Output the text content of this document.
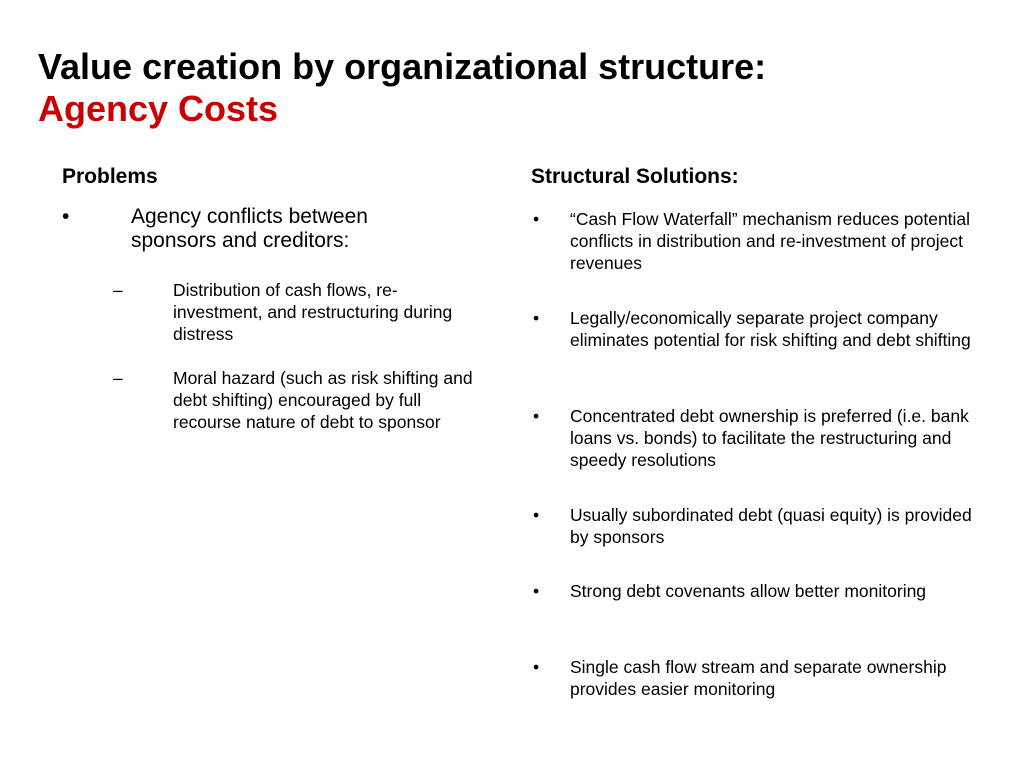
Value creation by organizational structure:
Agency Costs
Problems
•	Agency conflicts between sponsors and creditors:
–	Distribution of cash flows, re-investment, and restructuring during distress
–	Moral hazard (such as risk shifting and debt shifting) encouraged by full recourse nature of debt to sponsor
Structural Solutions:
•	“Cash Flow Waterfall” mechanism reduces potential conflicts in distribution and re-investment of project revenues
•	Legally/economically separate project company eliminates potential for risk shifting and debt shifting
•	Concentrated debt ownership is preferred (i.e. bank loans vs. bonds) to facilitate the restructuring and speedy resolutions
•	Usually subordinated debt (quasi equity) is provided by sponsors
•	Strong debt covenants allow better monitoring
•	Single cash flow stream and separate ownership provides easier monitoring
